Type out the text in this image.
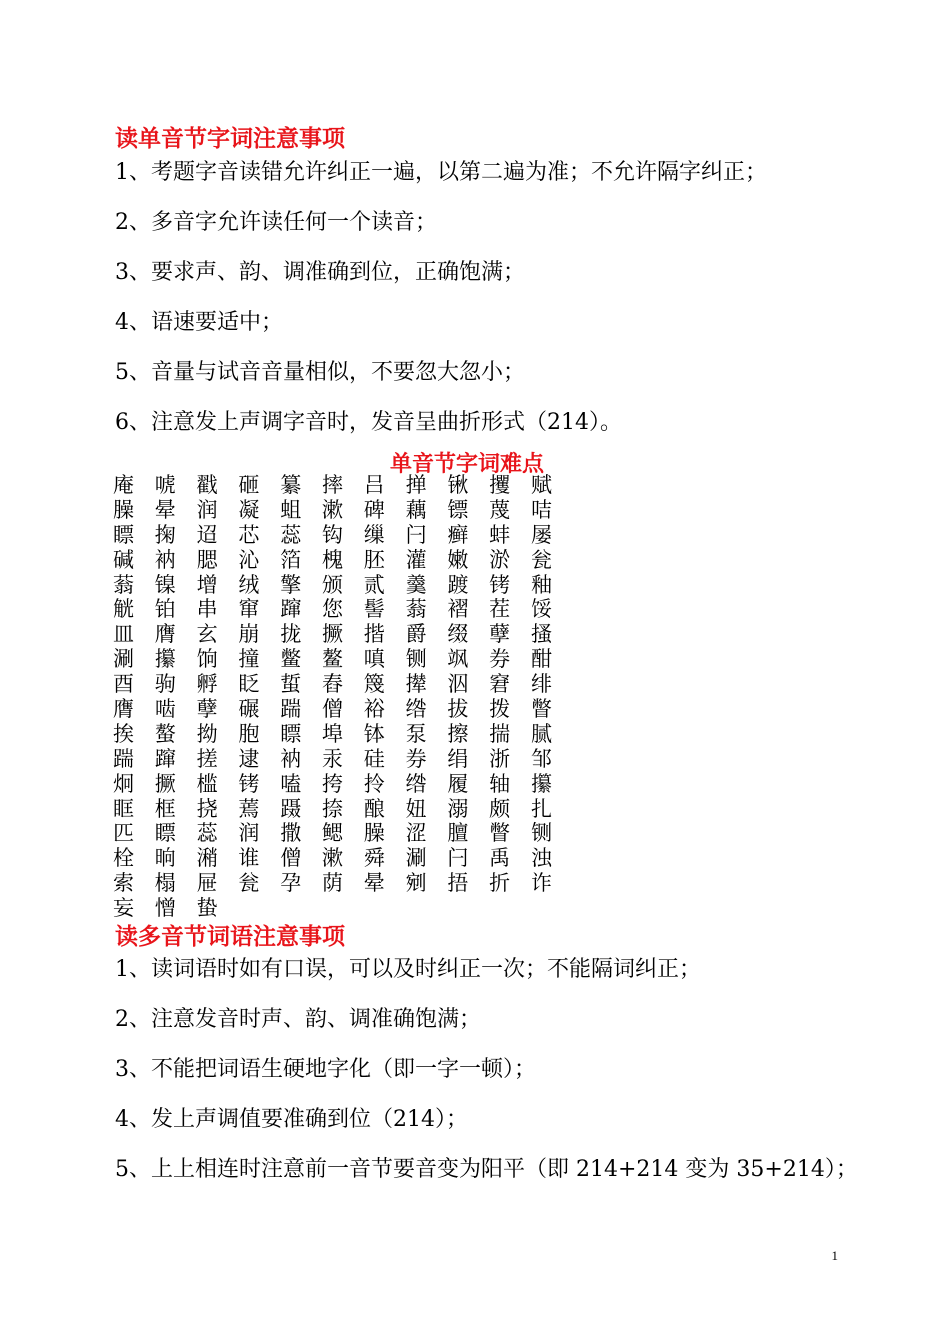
读单音节字词注意事项
1、考题字音读错允许纠正一遍，以第二遍为准；不允许隔字纠正；
2、多音字允许读任何一个读音；
3、要求声、韵、调准确到位，正确饱满；
4、语速要适中；
5、音量与试音音量相似，不要忽大忽小；
6、注意发上声调字音时，发音呈曲折形式（214）。
单音节字词难点
庵 唬 戳 砸 纂 摔 吕 掸 锹 攫 赋
臊 晕 润 凝 蛆 漱 碑 藕 镖 蔑 咭
瞟 掬 迢 芯 蕊 钩 缫 闩 癣 蚌 屡
碱 衲 腮 沁 箔 槐 胚 灌 嫩 淤 瓮
蓊 镍 增 绒 擎 颁 贰 羹 踱 铐 釉
觥 铂 串 窜 蹿 您 髻 蓊 褶 茬 馁
皿 膺 玄 崩 拢 撅 揩 爵 缀 孽 搔
涮 攥 饷 撞 鳖 鳌 嗔 铡 飒 券 酣
酉 驹 孵 眨 蜇 舂 篾 撵 泅 窘 绯
膺 啮 孽 碾 踹 僧 裕 绺 拔 拨 瞥
挨 螯 拗 胞 瞟 埠 钵 泵 擦 揣 腻
踹 蹿 搓 逮 衲 汞 硅 券 绢 浙 邹
炯 撅 槛 铐 嗑 挎 拎 绺 履 轴 攥
眶 框 挠 蔫 蹑 捺 酿 妞 溺 颇 扎
匹 瞟 蕊 润 撒 鳃 臊 涩 膻 瞥 铡
栓 晌 潲 谁 僧 漱 舜 涮 闩 禹 浊
索 榻 屉 瓮 孕 荫 晕 剜 捂 折 诈
妄 憎 蛰
读多音节词语注意事项
1、读词语时如有口误，可以及时纠正一次；不能隔词纠正；
2、注意发音时声、韵、调准确饱满；
3、不能把词语生硬地字化（即一字一顿）；
4、发上声调值要准确到位（214）；
5、上上相连时注意前一音节要音变为阳平（即 214+214 变为 35+214）；
1
